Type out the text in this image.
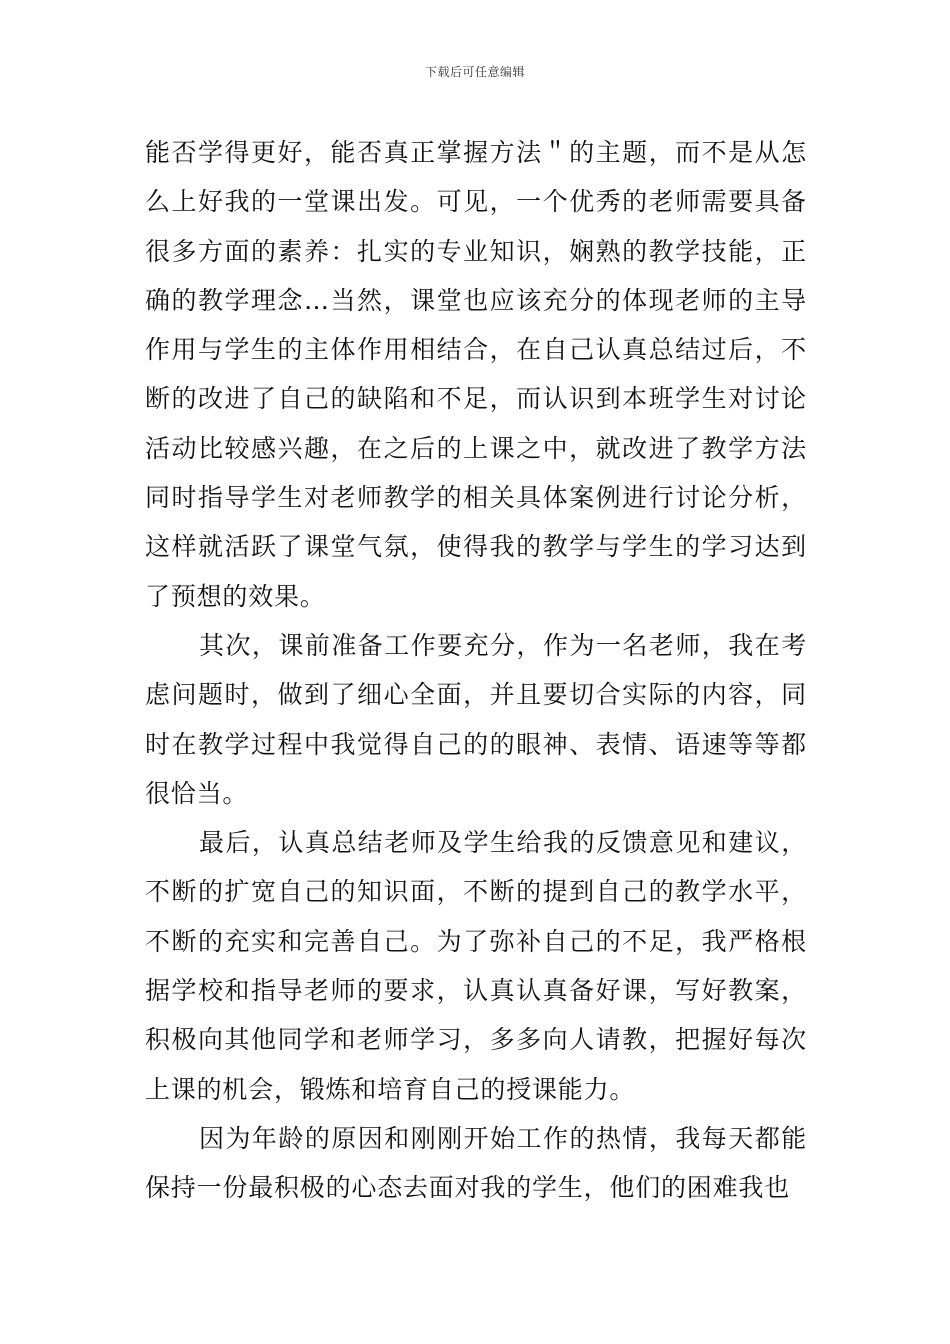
下载后可任意编辑

能否学得更好，能否真正掌握方法＂的主题，而不是从怎么上好我的一堂课出发。可见，一个优秀的老师需要具备很多方面的素养：扎实的专业知识，娴熟的教学技能，正确的教学理念…当然，课堂也应该充分的体现老师的主导作用与学生的主体作用相结合，在自己认真总结过后，不断的改进了自己的缺陷和不足，而认识到本班学生对讨论活动比较感兴趣，在之后的上课之中，就改进了教学方法同时指导学生对老师教学的相关具体案例进行讨论分析，这样就活跃了课堂气氛，使得我的教学与学生的学习达到了预想的效果。

其次，课前准备工作要充分，作为一名老师，我在考虑问题时，做到了细心全面，并且要切合实际的内容，同时在教学过程中我觉得自己的的眼神、表情、语速等等都很恰当。

最后，认真总结老师及学生给我的反馈意见和建议，不断的扩宽自己的知识面，不断的提到自己的教学水平，不断的充实和完善自己。为了弥补自己的不足，我严格根据学校和指导老师的要求，认真认真备好课，写好教案，积极向其他同学和老师学习，多多向人请教，把握好每次上课的机会，锻炼和培育自己的授课能力。

因为年龄的原因和刚刚开始工作的热情，我每天都能保持一份最积极的心态去面对我的学生，他们的困难我也
